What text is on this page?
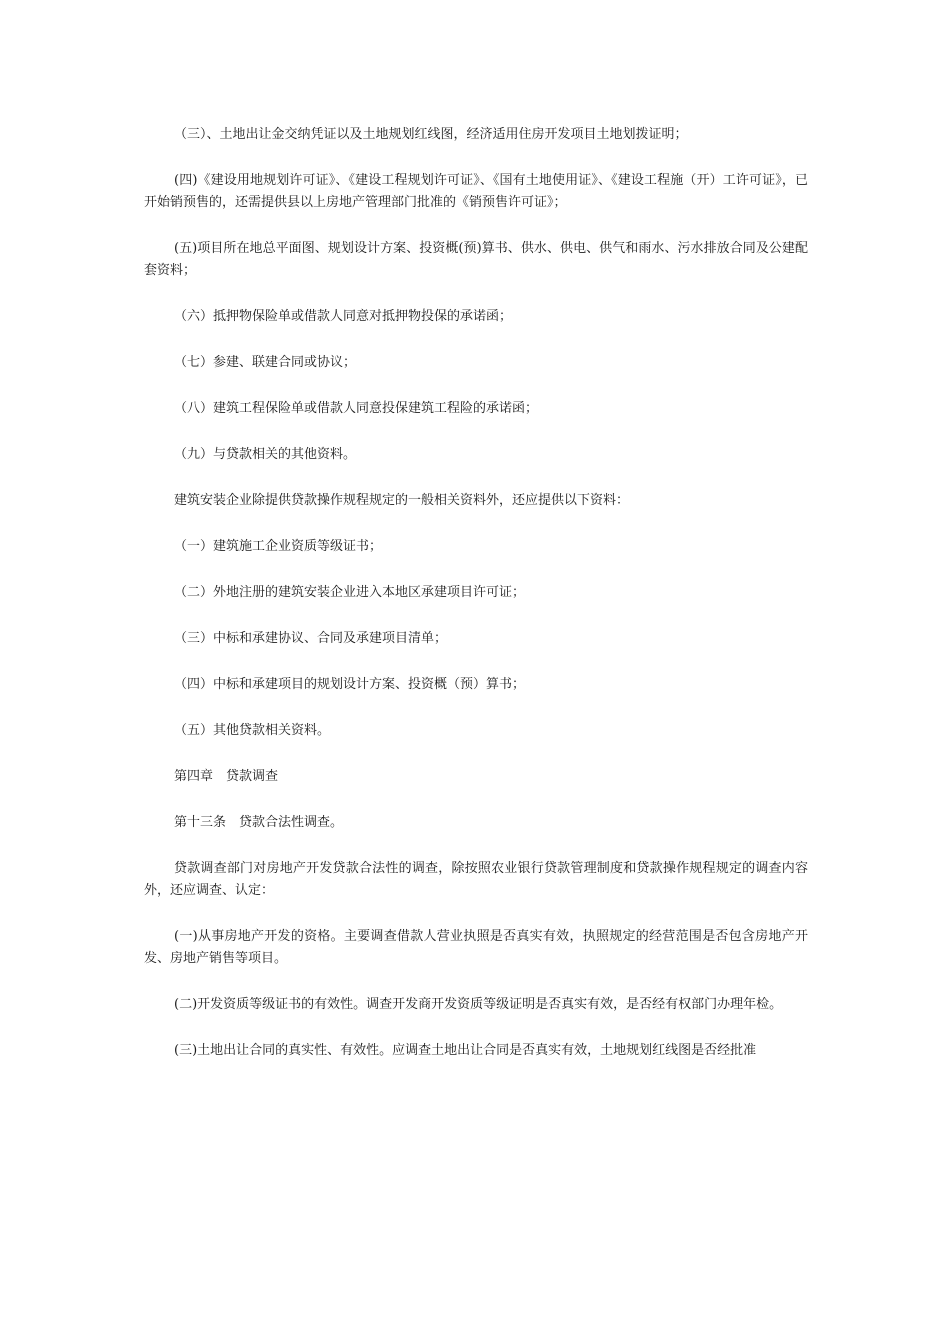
（三）、土地出让金交纳凭证以及土地规划红线图，经济适用住房开发项目土地划拨证明；

(四)《建设用地规划许可证》、《建设工程规划许可证》、《国有土地使用证》、《建设工程施（开）工许可证》，已开始销预售的，还需提供县以上房地产管理部门批准的《销预售许可证》；

(五)项目所在地总平面图、规划设计方案、投资概(预)算书、供水、供电、供气和雨水、污水排放合同及公建配套资料；

（六）抵押物保险单或借款人同意对抵押物投保的承诺函；

（七）参建、联建合同或协议；

（八）建筑工程保险单或借款人同意投保建筑工程险的承诺函；

（九）与贷款相关的其他资料。

建筑安装企业除提供贷款操作规程规定的一般相关资料外，还应提供以下资料：

（一）建筑施工企业资质等级证书；

（二）外地注册的建筑安装企业进入本地区承建项目许可证；

（三）中标和承建协议、合同及承建项目清单；

（四）中标和承建项目的规划设计方案、投资概（预）算书；

（五）其他贷款相关资料。

第四章　贷款调查

第十三条　贷款合法性调查。

贷款调查部门对房地产开发贷款合法性的调查，除按照农业银行贷款管理制度和贷款操作规程规定的调查内容外，还应调查、认定：

(一)从事房地产开发的资格。主要调查借款人营业执照是否真实有效，执照规定的经营范围是否包含房地产开发、房地产销售等项目。

(二)开发资质等级证书的有效性。调查开发商开发资质等级证明是否真实有效，是否经有权部门办理年检。

(三)土地出让合同的真实性、有效性。应调查土地出让合同是否真实有效，土地规划红线图是否经批准
